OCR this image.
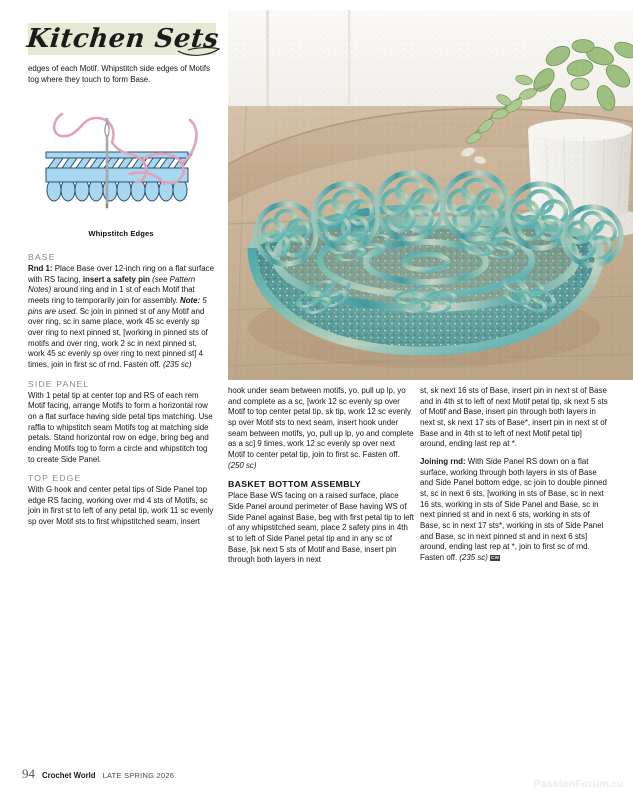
Kitchen Sets

edges of each Motif. Whipstitch side edges of Motifs tog where they touch to form Base.

Whipstitch Edges

BASE
Rnd 1: Place Base over 12-inch ring on a flat surface with RS facing, insert a safety pin (see Pattern Notes) around ring and in 1 st of each Motif that meets ring to temporarily join for assembly. Note: 5 pins are used. Sc join in pinned st of any Motif and over ring, sc in same place, work 45 sc evenly sp over ring to next pinned st, [working in pinned sts of motifs and over ring, work 2 sc in next pinned st, work 45 sc evenly sp over ring to next pinned st] 4 times, join in first sc of rnd. Fasten off. (235 sc)

SIDE PANEL
With 1 petal tip at center top and RS of each rem Motif facing, arrange Motifs to form a horizontal row on a flat surface having side petal tips matching. Use raffia to whipstitch seam Motifs tog at matching side petals. Stand horizontal row on edge, bring beg and ending Motifs tog to form a circle and whipstitch tog to create Side Panel.

TOP EDGE
With G hook and center petal tips of Side Panel top edge RS facing, working over rnd 4 sts of Motifs, sc join in first st to left of any petal tip, work 11 sc evenly sp over Motif sts to first whipstitched seam, insert

hook under seam between motifs, yo, pull up lp, yo and complete as a sc, [work 12 sc evenly sp over Motif to top center petal tip, sk tip, work 12 sc evenly sp over Motif sts to next seam, insert hook under seam between motifs, yo, pull up lp, yo and complete as a sc] 9 times, work 12 sc evenly sp over next Motif to center petal tip, join to first sc. Fasten off. (250 sc)

BASKET BOTTOM ASSEMBLY
Place Base WS facing on a raised surface, place Side Panel around perimeter of Base having WS of Side Panel against Base, beg with first petal tip to left of any whipstitched seam, place 2 safety pins in 4th st to left of Side Panel petal tip and in any sc of Base, [sk next 5 sts of Motif and Base, insert pin through both layers in next

st, sk next 16 sts of Base, insert pin in next st of Base and in 4th st to left of next Motif petal tip, sk next 5 sts of Motif and Base, insert pin through both layers in next st, sk next 17 sts of Base*, insert pin in next st of Base and in 4th st to left of next Motif petal tip] around, ending last rep at *.

Joining rnd: With Side Panel RS down on a flat surface, working through both layers in sts of Base and Side Panel bottom edge, sc join to double pinned st, sc in next 6 sts, [working in sts of Base, sc in next 16 sts, working in sts of Side Panel and Base, sc in next pinned st and in next 6 sts, working in sts of Base, sc in next 17 sts*, working in sts of Side Panel and Base, sc in next pinned st and in next 6 sts] around, ending last rep at *, join to first sc of rnd. Fasten off. (235 sc) CW

94 Crochet World LATE SPRING 2026
PassionForum.ru
